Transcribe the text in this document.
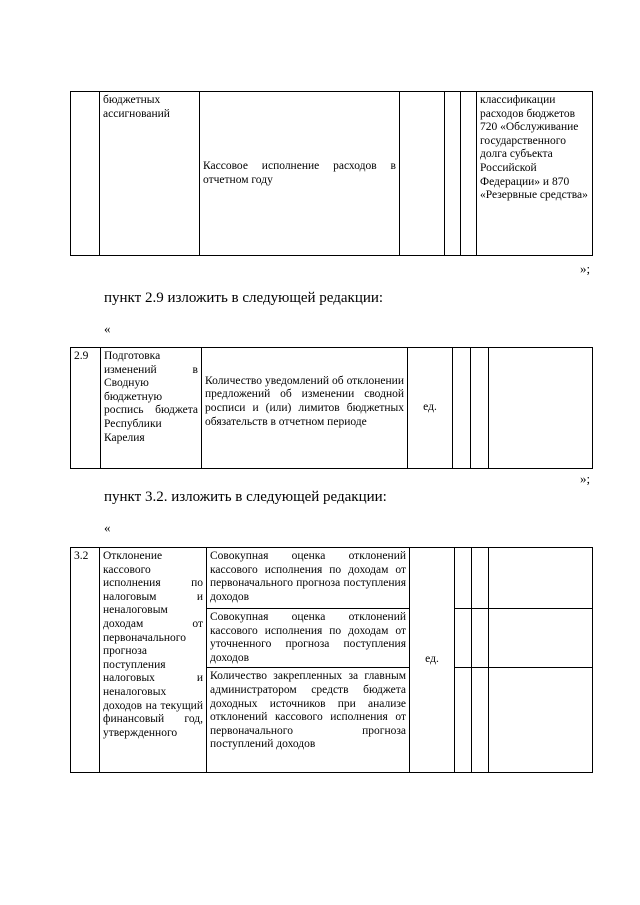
	бюджетных ассигнований	Кассовое исполнение расходов в отчетном году				классификации расходов бюджетов 720 «Обслуживание государственного долга субъекта Российской Федерации» и 870 «Резервные средства»
»;
пункт 2.9 изложить в следующей редакции:
«
2.9	Подготовка изменений в Сводную бюджетную роспись бюджета Республики Карелия	Количество уведомлений об отклонении предложений об изменении сводной росписи и (или) лимитов бюджетных обязательств в отчетном периоде	ед.			
»;
пункт 3.2. изложить в следующей редакции:
«
3.2	Отклонение кассового исполнения по налоговым и неналоговым доходам от первоначального прогноза поступления налоговых и неналоговых доходов на текущий финансовый год, утвержденного	Совокупная оценка отклонений кассового исполнения по доходам от первоначального прогноза поступления доходов	ед.			
		Совокупная оценка отклонений кассового исполнения по доходам от уточненного прогноза поступления доходов				
		Количество закрепленных за главным администратором средств бюджета доходных источников при анализе отклонений кассового исполнения от первоначального прогноза поступлений доходов				
